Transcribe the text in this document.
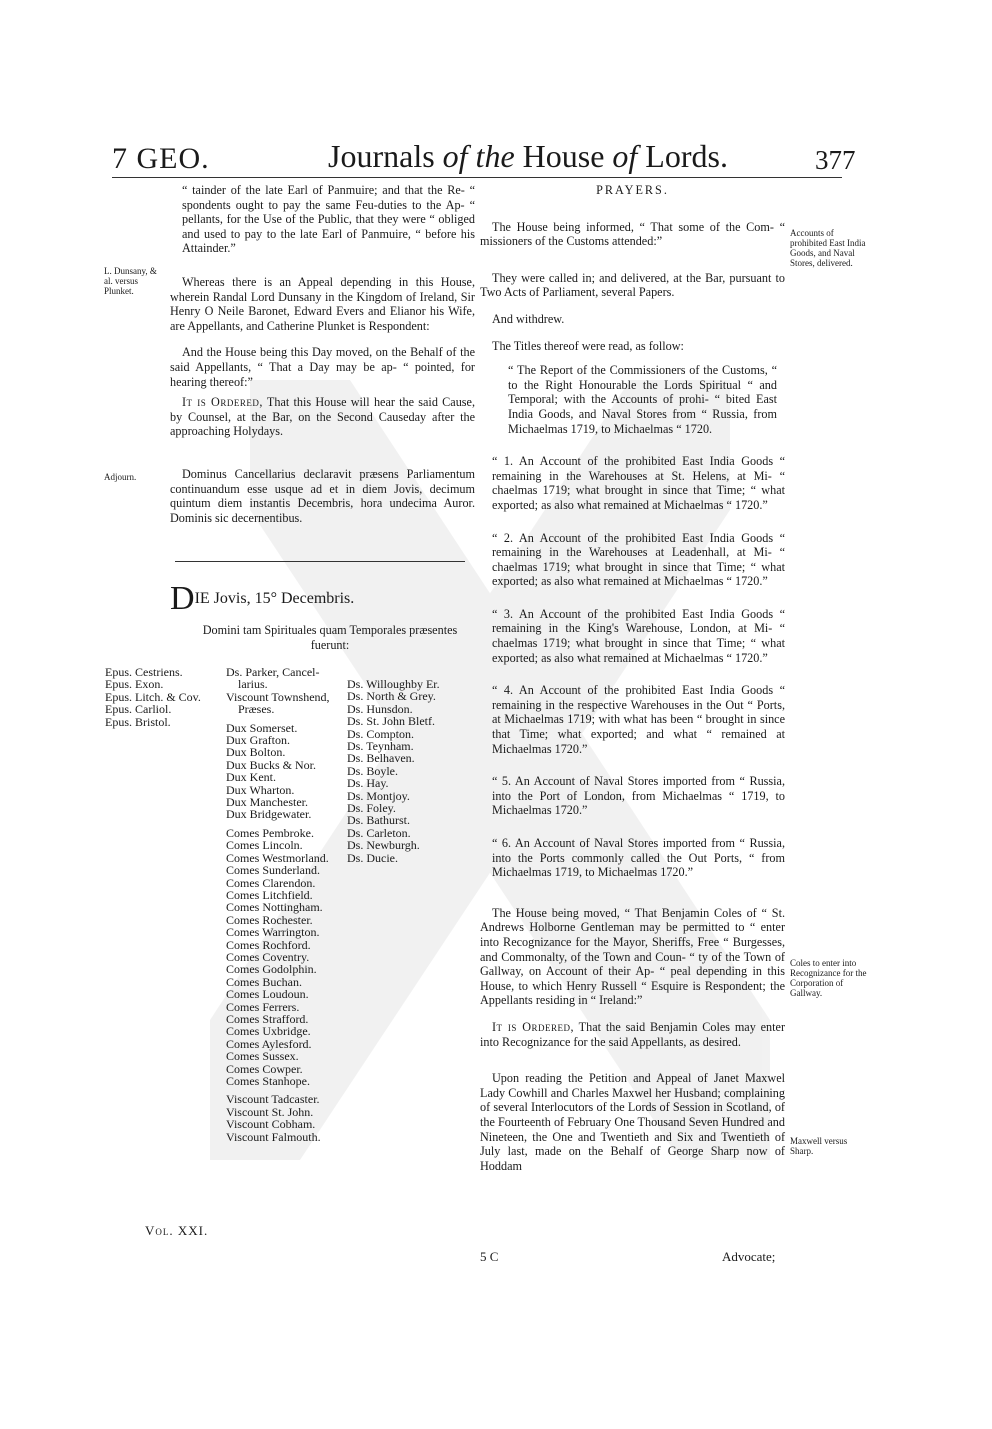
7 GEO.	Journals of the House of Lords.	377
L. Dunsany, & al. versus Plunket.
Adjourn.

“ tainder of the late Earl of Panmuire; and that the Re- “ spondents ought to pay the same Feu-duties to the Ap- “ pellants, for the Use of the Public, that they were “ obliged and used to pay to the late Earl of Panmuire, “ before his Attainder.”

Whereas there is an Appeal depending in this House, wherein Randal Lord Dunsany in the Kingdom of Ireland, Sir Henry O Neile Baronet, Edward Evers and Elianor his Wife, are Appellants, and Catherine Plunket is Respondent:

And the House being this Day moved, on the Behalf of the said Appellants, “ That a Day may be ap- “ pointed, for hearing thereof:”

It is Ordered, That this House will hear the said Cause, by Counsel, at the Bar, on the Second Causeday after the approaching Holydays.

Dominus Cancellarius declaravit præsens Parliamentum continuandum esse usque ad et in diem Jovis, decimum quintum diem instantis Decembris, hora undecima Auror. Dominis sic decernentibus.

DIE Jovis, 15° Decembris.
Domini tam Spirituales quam Temporales præsentes fuerunt:
Epus. Cestriens.
Epus. Exon.
Epus. Litch. & Cov.
Epus. Carliol.
Epus. Bristol.
Ds. Parker, Cancel-
larius.
Viscount Townshend,
Præses.
Dux Somerset.
Dux Grafton.
Dux Bolton.
Dux Bucks & Nor.
Dux Kent.
Dux Wharton.
Dux Manchester.
Dux Bridgewater.
Comes Pembroke.
Comes Lincoln.
Comes Westmorland.
Comes Sunderland.
Comes Clarendon.
Comes Litchfield.
Comes Nottingham.
Comes Rochester.
Comes Warrington.
Comes Rochford.
Comes Coventry.
Comes Godolphin.
Comes Buchan.
Comes Loudoun.
Comes Ferrers.
Comes Strafford.
Comes Uxbridge.
Comes Aylesford.
Comes Sussex.
Comes Cowper.
Comes Stanhope.
Viscount Tadcaster.
Viscount St. John.
Viscount Cobham.
Viscount Falmouth.
Ds. Willoughby Er.
Ds. North & Grey.
Ds. Hunsdon.
Ds. St. John Bletf.
Ds. Compton.
Ds. Teynham.
Ds. Belhaven.
Ds. Boyle.
Ds. Hay.
Ds. Montjoy.
Ds. Foley.
Ds. Bathurst.
Ds. Carleton.
Ds. Newburgh.
Ds. Ducie.

PRAYERS.

The House being informed, “ That some of the Com- “ missioners of the Customs attended:”

They were called in; and delivered, at the Bar, pursuant to Two Acts of Parliament, several Papers.

And withdrew.

The Titles thereof were read, as follow:

“ The Report of the Commissioners of the Customs, “ to the Right Honourable the Lords Spiritual “ and Temporal; with the Accounts of prohi- “ bited East India Goods, and Naval Stores from “ Russia, from Michaelmas 1719, to Michaelmas “ 1720.

“ 1. An Account of the prohibited East India Goods “ remaining in the Warehouses at St. Helens, at Mi- “ chaelmas 1719; what brought in since that Time; “ what exported; as also what remained at Michaelmas “ 1720.”

“ 2. An Account of the prohibited East India Goods “ remaining in the Warehouses at Leadenhall, at Mi- “ chaelmas 1719; what brought in since that Time; “ what exported; as also what remained at Michaelmas “ 1720.”

“ 3. An Account of the prohibited East India Goods “ remaining in the King's Warehouse, London, at Mi- “ chaelmas 1719; what brought in since that Time; “ what exported; as also what remained at Michaelmas “ 1720.”

“ 4. An Account of the prohibited East India Goods “ remaining in the respective Warehouses in the Out “ Ports, at Michaelmas 1719; with what has been “ brought in since that Time; what exported; and what “ remained at Michaelmas 1720.”

“ 5. An Account of Naval Stores imported from “ Russia, into the Port of London, from Michaelmas “ 1719, to Michaelmas 1720.”

“ 6. An Account of Naval Stores imported from “ Russia, into the Ports commonly called the Out Ports, “ from Michaelmas 1719, to Michaelmas 1720.”

The House being moved, “ That Benjamin Coles of “ St. Andrews Holborne Gentleman may be permitted to “ enter into Recognizance for the Mayor, Sheriffs, Free “ Burgesses, and Commonalty, of the Town and Coun- “ ty of the Town of Gallway, on Account of their Ap- “ peal depending in this House, to which Henry Russell “ Esquire is Respondent; the Appellants residing in “ Ireland:”

It is Ordered, That the said Benjamin Coles may enter into Recognizance for the said Appellants, as desired.

Upon reading the Petition and Appeal of Janet Maxwel Lady Cowhill and Charles Maxwel her Husband; complaining of several Interlocutors of the Lords of Session in Scotland, of the Fourteenth of February One Thousand Seven Hundred and Nineteen, the One and Twentieth and Six and Twentieth of July last, made on the Behalf of George Sharp now of Hoddam

Accounts of prohibited East India Goods, and Naval Stores, delivered.
Coles to enter into Recognizance for the Corporation of Gallway.
Maxwell versus Sharp.
Vol. XXI.
5 C	Advocate;
